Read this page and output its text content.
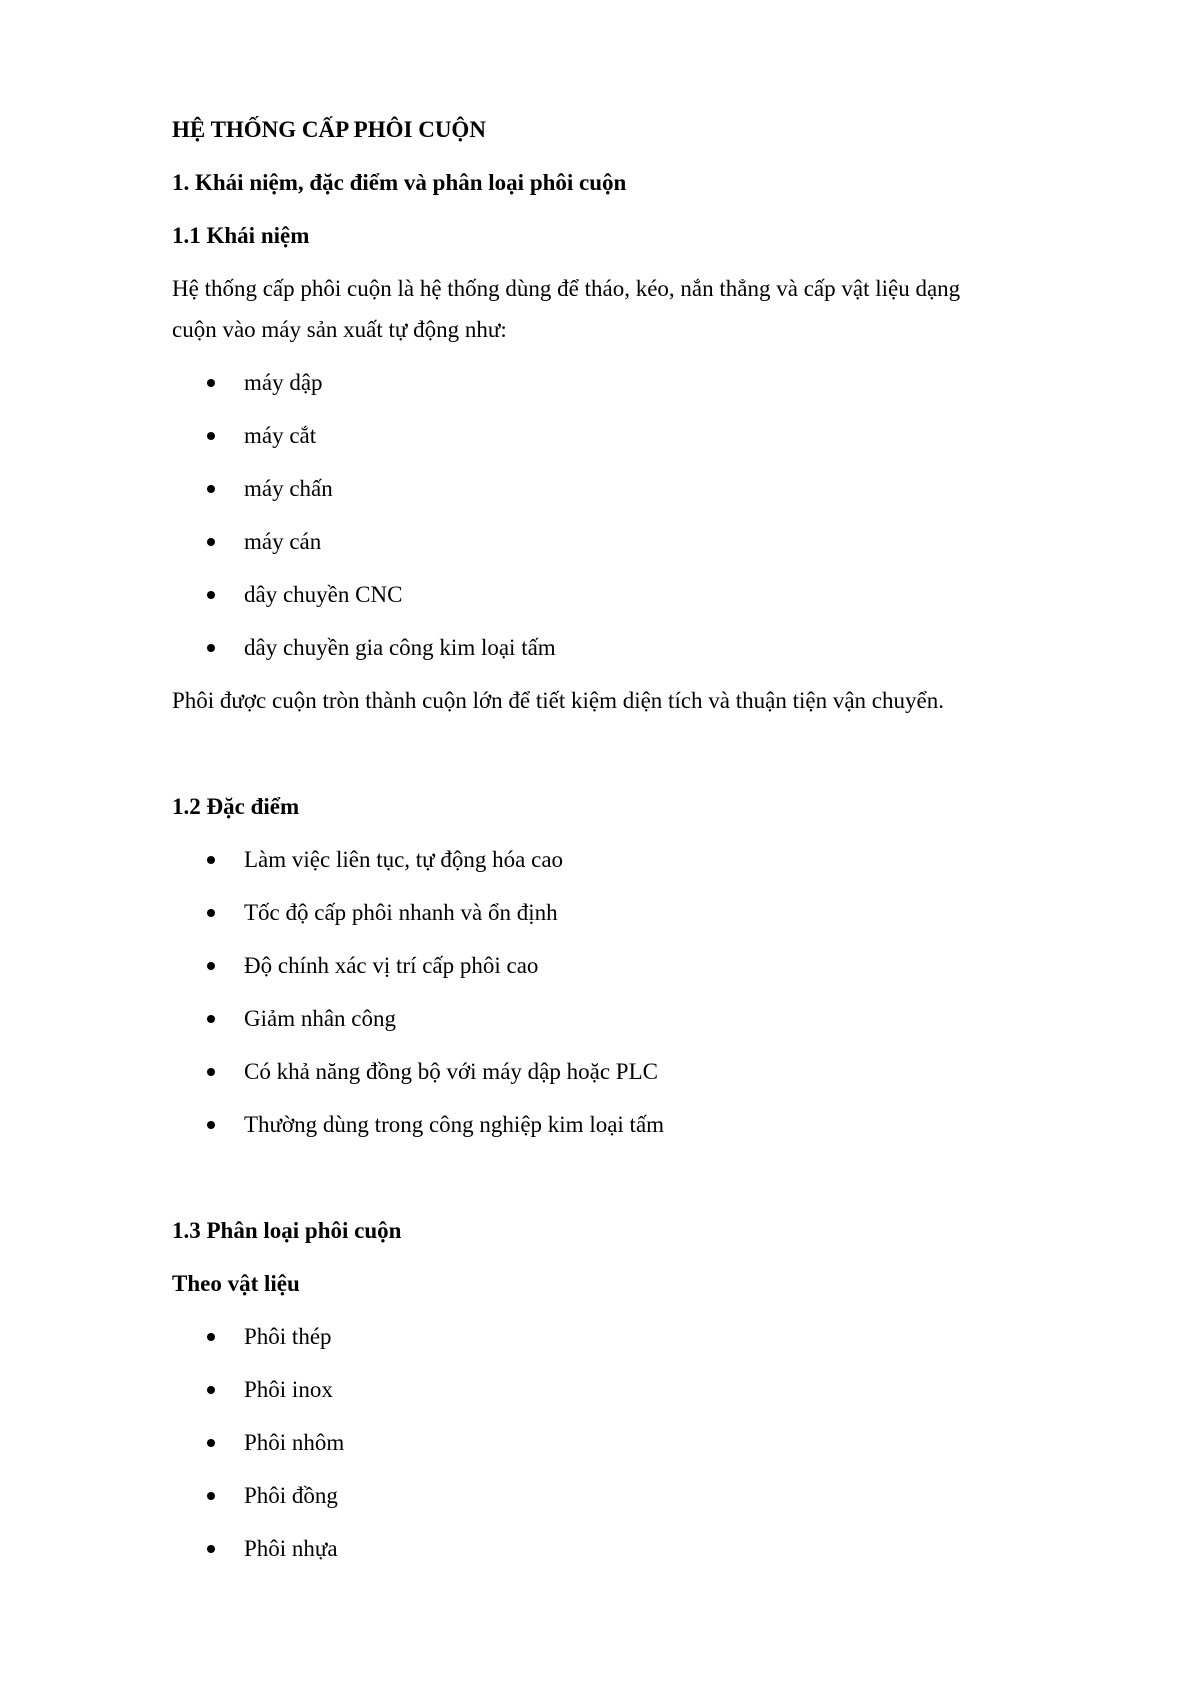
HỆ THỐNG CẤP PHÔI CUỘN
1. Khái niệm, đặc điểm và phân loại phôi cuộn
1.1 Khái niệm
Hệ thống cấp phôi cuộn là hệ thống dùng để tháo, kéo, nắn thẳng và cấp vật liệu dạng
cuộn vào máy sản xuất tự động như:
máy dập
máy cắt
máy chấn
máy cán
dây chuyền CNC
dây chuyền gia công kim loại tấm
Phôi được cuộn tròn thành cuộn lớn để tiết kiệm diện tích và thuận tiện vận chuyển.
1.2 Đặc điểm
Làm việc liên tục, tự động hóa cao
Tốc độ cấp phôi nhanh và ổn định
Độ chính xác vị trí cấp phôi cao
Giảm nhân công
Có khả năng đồng bộ với máy dập hoặc PLC
Thường dùng trong công nghiệp kim loại tấm
1.3 Phân loại phôi cuộn
Theo vật liệu
Phôi thép
Phôi inox
Phôi nhôm
Phôi đồng
Phôi nhựa
